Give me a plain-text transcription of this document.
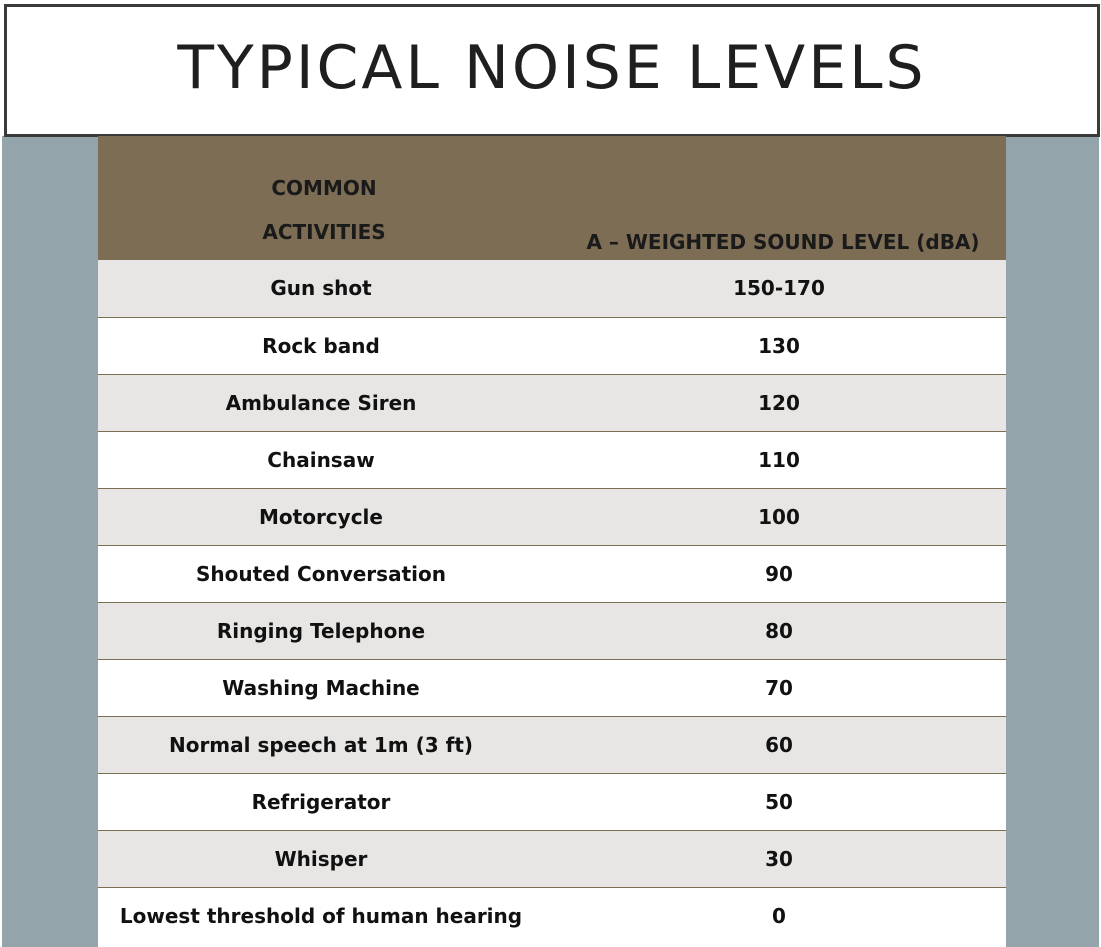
TYPICAL NOISE LEVELS
COMMON
ACTIVITIES	A – WEIGHTED SOUND LEVEL (dBA)
Gun shot	150-170
Rock band	130
Ambulance Siren	120
Chainsaw	110
Motorcycle	100
Shouted Conversation	90
Ringing Telephone	80
Washing Machine	70
Normal speech at 1m (3 ft)	60
Refrigerator	50
Whisper	30
Lowest threshold of human hearing	0
